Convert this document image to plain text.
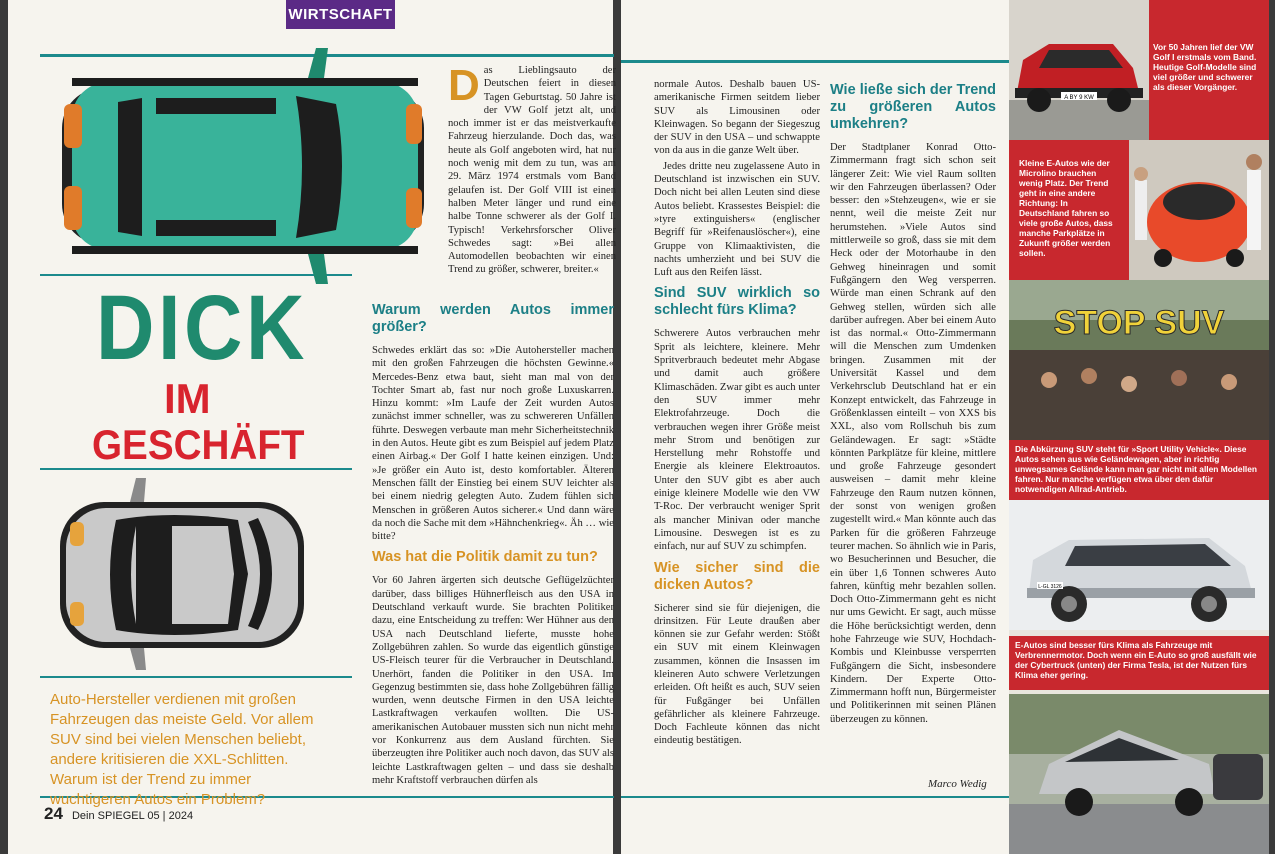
WIRTSCHAFT
DICK
IM
GESCHÄFT
Auto-Hersteller verdienen mit großen Fahrzeugen das meiste Geld. Vor allem SUV sind bei vielen Menschen beliebt, andere kritisieren die XXL-Schlitten. Warum ist der Trend zu immer wuchtigeren Autos ein Problem?
D as Lieblingsauto der Deutschen feiert in diesen Tagen Geburtstag. 50 Jahre ist der VW Golf jetzt alt, und noch immer ist er das meistverkaufte Fahrzeug hierzulande. Doch das, was heute als Golf angeboten wird, hat nur noch wenig mit dem zu tun, was am 29. März 1974 erstmals vom Band gelaufen ist. Der Golf VIII ist einen halben Meter länger und rund eine halbe Tonne schwerer als der Golf I. Typisch! Verkehrsforscher Oliver Schwedes sagt: »Bei allen Automodellen beobachten wir einen Trend zu größer, schwerer, breiter.«
Warum werden Autos immer größer?

Schwedes erklärt das so: »Die Autohersteller machen mit den großen Fahrzeugen die höchsten Gewinne.« Mercedes-Benz etwa baut, sieht man mal von der Tochter Smart ab, fast nur noch große Luxuskarren. Hinzu kommt: »Im Laufe der Zeit wurden Autos zunächst immer schneller, was zu schwereren Unfällen führte. Deswegen verbaute man mehr Sicherheitstechnik in den Autos. Heute gibt es zum Beispiel auf jedem Platz einen Airbag.« Der Golf I hatte keinen einzigen. Und: »Je größer ein Auto ist, desto komfortabler. Älteren Menschen fällt der Einstieg bei einem SUV leichter als bei einem niedrig gelegten Auto. Zudem fühlen sich Menschen in größeren Autos sicherer.« Und dann wäre da noch die Sache mit dem »Hähnchenkrieg«. Äh … wie bitte?

Was hat die Politik damit zu tun?

Vor 60 Jahren ärgerten sich deutsche Geflügelzüchter darüber, dass billiges Hühnerfleisch aus den USA in Deutschland verkauft wurde. Sie brachten Politiker dazu, eine Entscheidung zu treffen: Wer Hühner aus den USA nach Deutschland lieferte, musste hohe Zollgebühren zahlen. So wurde das eigentlich günstige US-Fleisch teurer für die Verbraucher in Deutschland. Unerhört, fanden die Politiker in den USA. Im Gegenzug bestimmten sie, dass hohe Zollgebühren fällig wurden, wenn deutsche Firmen in den USA leichte Lastkraftwagen verkaufen wollten. Die US-amerikanischen Autobauer mussten sich nun nicht mehr vor Konkurrenz aus dem Ausland fürchten. Sie überzeugten ihre Politiker auch noch davon, das SUV als leichte Lastkraftwagen gelten – und dass sie deshalb mehr Kraftstoff verbrauchen dürfen als

24 Dein SPIEGEL 05 | 2024

normale Autos. Deshalb bauen US-amerikanische Firmen seitdem lieber SUV als Limousinen oder Kleinwagen. So begann der Siegeszug der SUV in den USA – und schwappte von da aus in die ganze Welt über.

Jedes dritte neu zugelassene Auto in Deutschland ist inzwischen ein SUV. Doch nicht bei allen Leuten sind diese Autos beliebt. Krassestes Beispiel: die »tyre extinguishers« (englischer Begriff für »Reifenauslöscher«), eine Gruppe von Klimaaktivisten, die nachts umherzieht und bei SUV die Luft aus den Reifen lässt.

Sind SUV wirklich so schlecht fürs Klima?

Schwerere Autos verbrauchen mehr Sprit als leichtere, kleinere. Mehr Spritverbrauch bedeutet mehr Abgase und damit auch größere Klimaschäden. Zwar gibt es auch unter den SUV immer mehr Elektrofahrzeuge. Doch die verbrauchen wegen ihrer Größe meist mehr Strom und benötigen zur Herstellung mehr Rohstoffe und Energie als kleinere Elektroautos. Unter den SUV gibt es aber auch einige kleinere Modelle wie den VW T-Roc. Der verbraucht weniger Sprit als mancher Minivan oder manche Limousine. Deswegen ist es zu einfach, nur auf SUV zu schimpfen.

Wie sicher sind die dicken Autos?

Sicherer sind sie für diejenigen, die drinsitzen. Für Leute draußen aber können sie zur Gefahr werden: Stößt ein SUV mit einem Kleinwagen zusammen, können die Insassen im kleineren Auto schwere Verletzungen erleiden. Oft heißt es auch, SUV seien für Fußgänger bei Unfällen gefährlicher als kleinere Fahrzeuge. Doch Fachleute können das nicht eindeutig bestätigen.

Wie ließe sich der Trend zu größeren Autos umkehren?

Der Stadtplaner Konrad Otto-Zimmermann fragt sich schon seit längerer Zeit: Wie viel Raum sollten wir den Fahrzeugen überlassen? Oder besser: den »Stehzeugen«, wie er sie nennt, weil die meiste Zeit nur herumstehen. »Viele Autos sind mittlerweile so groß, dass sie mit dem Heck oder der Motorhaube in den Gehweg hineinragen und somit Fußgängern den Weg versperren. Würde man einen Schrank auf den Gehweg stellen, würden sich alle darüber aufregen. Aber bei einem Auto ist das normal.« Otto-Zimmermann will die Menschen zum Umdenken bringen. Zusammen mit der Universität Kassel und dem Verkehrsclub Deutschland hat er ein Konzept entwickelt, das Fahrzeuge in Größenklassen einteilt – von XXS bis XXL, also vom Rollschuh bis zum Geländewagen. Er sagt: »Städte könnten Parkplätze für kleine, mittlere und große Fahrzeuge gesondert ausweisen – damit mehr kleine Fahrzeuge den Raum nutzen können, der sonst von wenigen großen zugestellt wird.« Man könnte auch das Parken für die größeren Fahrzeuge teurer machen. So ähnlich wie in Paris, wo Besucherinnen und Besucher, die ein über 1,6 Tonnen schweres Auto fahren, künftig mehr bezahlen sollen. Doch Otto-Zimmermann geht es nicht nur ums Gewicht. Er sagt, auch müsse die Höhe berücksichtigt werden, denn hohe Fahrzeuge wie SUV, Hochdach-Kombis und Kleinbusse versperrten Fußgängern die Sicht, insbesondere Kindern. Der Experte Otto-Zimmermann hofft nun, Bürgermeister und Politikerinnen mit seinen Plänen überzeugen zu können.

Marco Wedig
A BY 9 KW
Vor 50 Jahren lief der VW Golf I erstmals vom Band. Heutige Golf-Modelle sind viel größer und schwerer als dieser Vorgänger.
Kleine E-Autos wie der Microlino brauchen wenig Platz. Der Trend geht in eine andere Richtung: In Deutschland fahren so viele große Autos, dass manche Parkplätze in Zukunft größer werden sollen.
STOP SUV
Die Abkürzung SUV steht für »Sport Utility Vehicle«. Diese Autos sehen aus wie Geländewagen, aber in richtig unwegsames Gelände kann man gar nicht mit allen Modellen fahren. Nur manche verfügen etwa über den dafür notwendigen Allrad-Antrieb.
L-GL 3126
E-Autos sind besser fürs Klima als Fahrzeuge mit Verbrennermotor. Doch wenn ein E-Auto so groß ausfällt wie der Cybertruck (unten) der Firma Tesla, ist der Nutzen fürs Klima eher gering.
